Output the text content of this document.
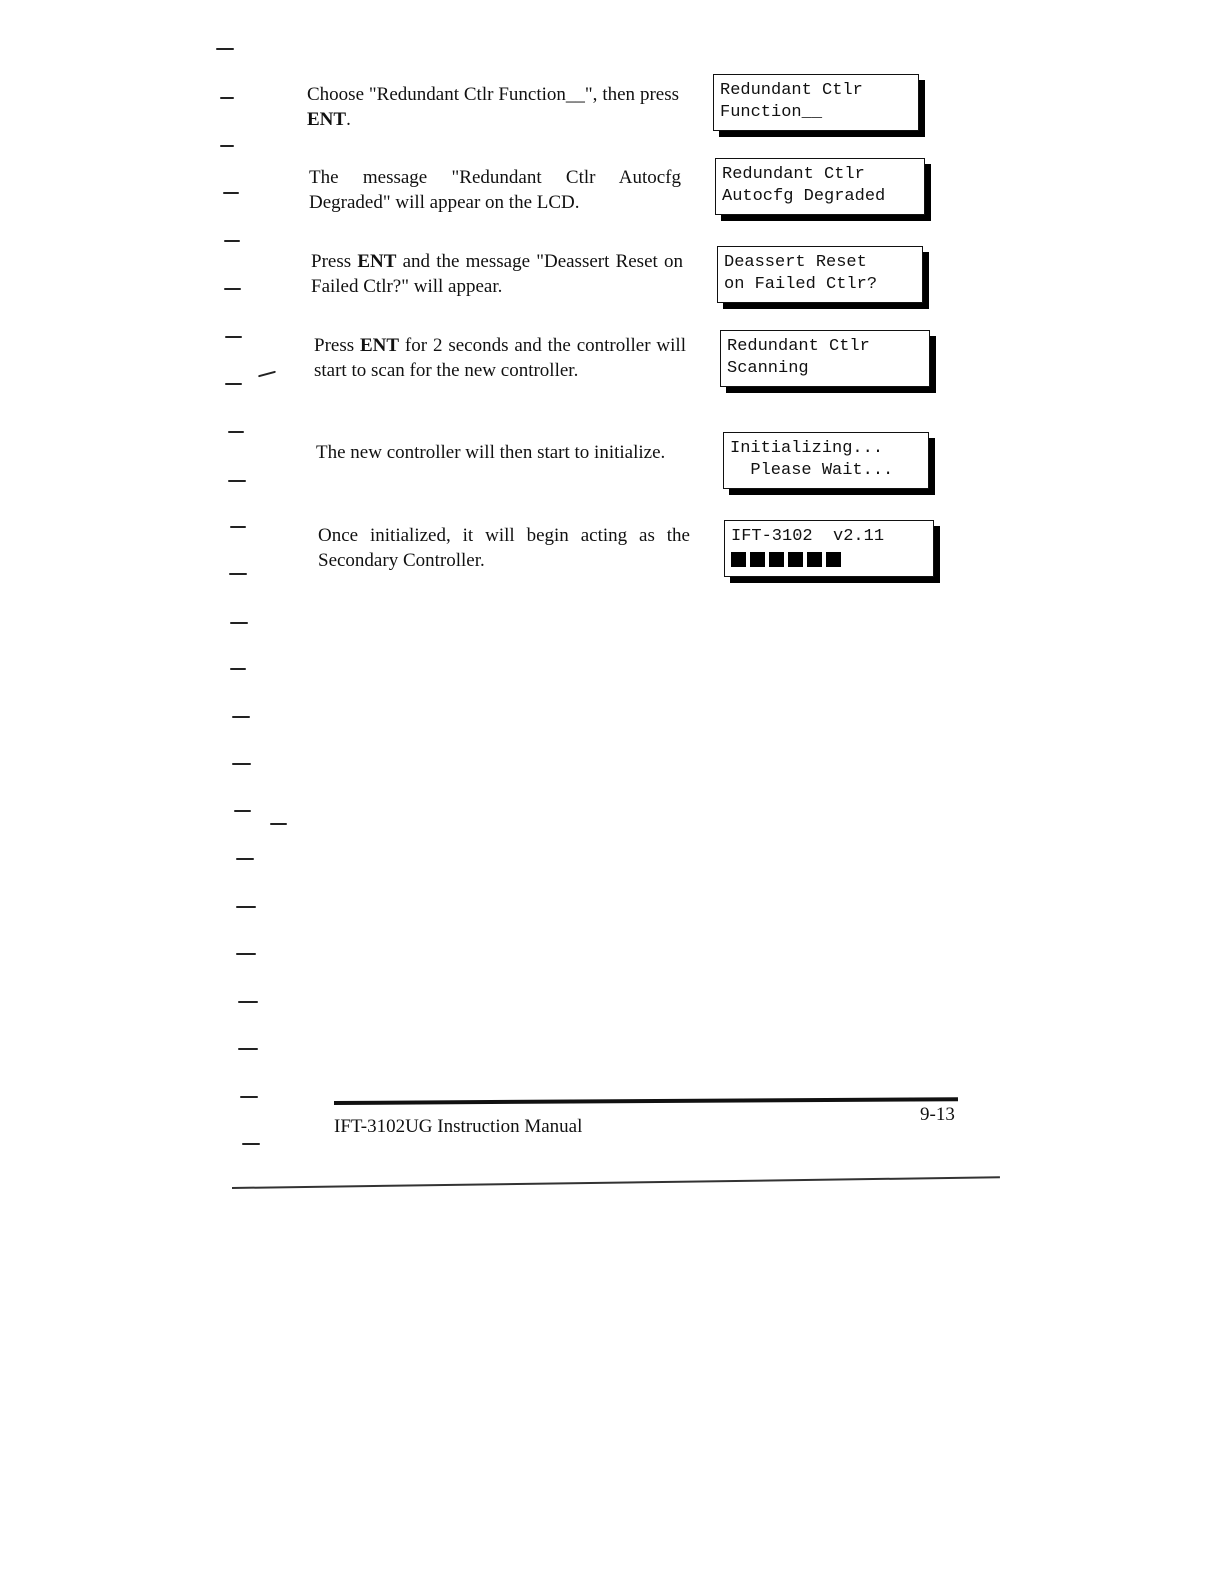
Choose "Redundant Ctlr Function__", then press ENT.
Redundant Ctlr
Function__
The message "Redundant Ctlr Autocfg Degraded" will appear on the LCD.
Redundant Ctlr
Autocfg Degraded
Press ENT and the message "Deassert Reset on Failed Ctlr?" will appear.
Deassert Reset
on Failed Ctlr?
Press ENT for 2 seconds and the controller will start to scan for the new controller.
Redundant Ctlr
Scanning
The new controller will then start to initialize.	Initializing...
Please Wait...
Once initialized, it will begin acting as the Secondary Controller.
IFT-3102  v2.11
IFT-3102UG Instruction Manual
9-13
